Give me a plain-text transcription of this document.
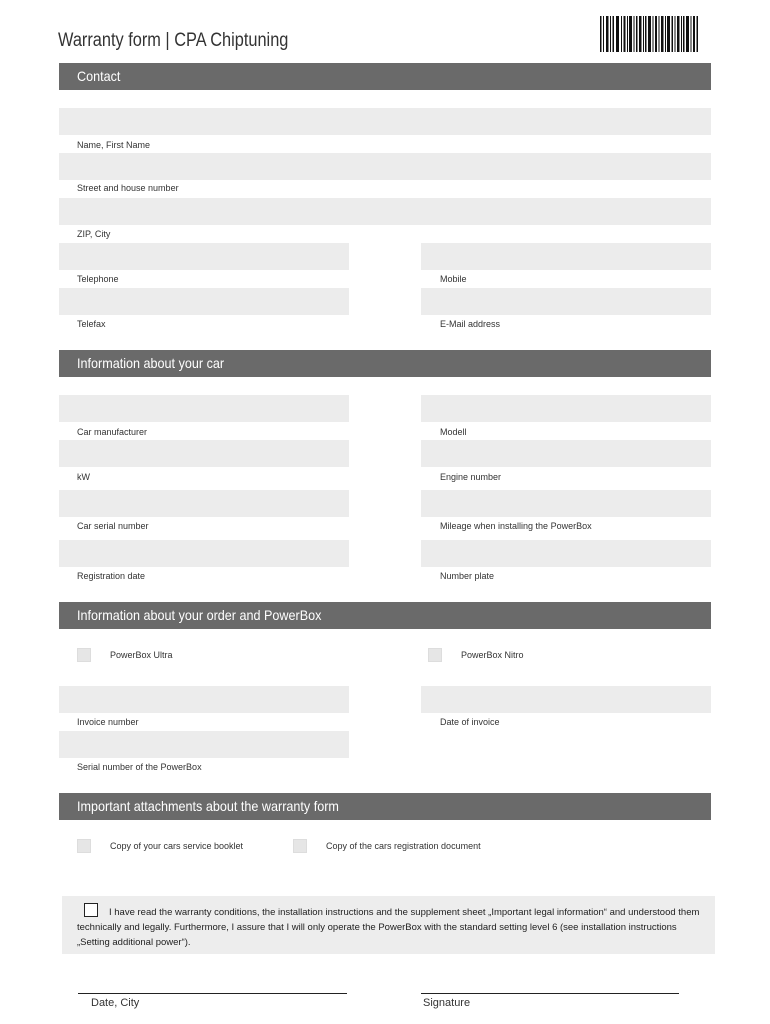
Warranty form | CPA Chiptuning
Contact
Name, First Name
Street and house number
ZIP, City
Telephone	Mobile
Telefax	E-Mail address
Information about your car
Car manufacturer	Modell
kW	Engine number
Car serial number	Mileage when installing the PowerBox
Registration date	Number plate
Information about your order and PowerBox
PowerBox Ultra	PowerBox Nitro
Invoice number	Date of invoice
Serial number of the PowerBox
Important attachments about the warranty form
Copy of your cars service booklet	Copy of the cars registration document
I have read the warranty conditions, the installation instructions and the supplement sheet „Important legal information“ and understood them technically and legally. Furthermore, I assure that I will only operate the PowerBox with the standard setting level 6 (see installation instructions „Setting additional power“).
Date, City	Signature
